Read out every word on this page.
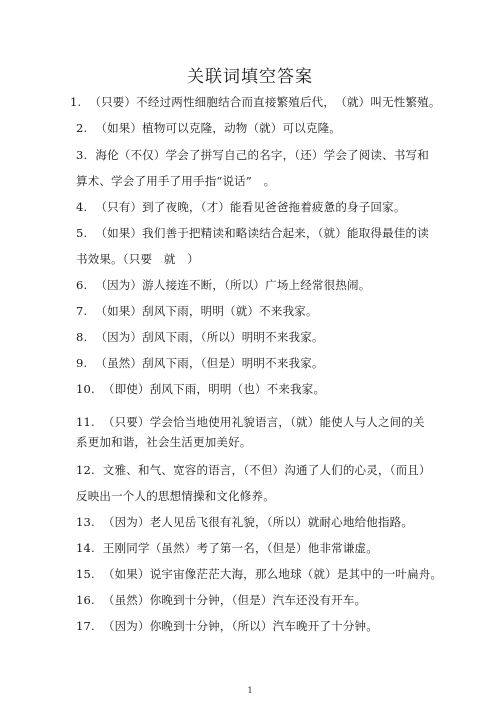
关联词填空答案
1. （只要）不经过两性细胞结合而直接繁殖后代，　（就）叫无性繁殖。
2. （如果）植物可以克隆，动物（就）可以克隆。
3. 海伦（不仅）学会了拼写自己的名字，（还）学会了阅读、书写和
算术、学会了用手了用手指“说话”　。
4. （只有）到了夜晚，（才）能看见爸爸拖着疲惫的身子回家。
5. （如果）我们善于把精读和略读结合起来，（就）能取得最佳的读
书效果。（只要　就　）
6. （因为）游人接连不断，（所以）广场上经常很热闹。
7. （如果）刮风下雨，明明（就）不来我家。
8. （因为）刮风下雨，（所以）明明不来我家。
9. （虽然）刮风下雨，（但是）明明不来我家。
10. （即使）刮风下雨，明明（也）不来我家。
11. （只要）学会恰当地使用礼貌语言，（就）能使人与人之间的关
系更加和谐，社会生活更加美好。
12. 文雅、和气、宽容的语言，（不但）沟通了人们的心灵，（而且）
反映出一个人的思想情操和文化修养。
13. （因为）老人见岳飞很有礼貌，（所以）就耐心地给他指路。
14. 王刚同学（虽然）考了第一名，（但是）他非常谦虚。
15. （如果）说宇宙像茫茫大海，那么地球（就）是其中的一叶扁舟。
16. （虽然）你晚到十分钟，（但是）汽车还没有开车。
17. （因为）你晚到十分钟，（所以）汽车晚开了十分钟。
1
